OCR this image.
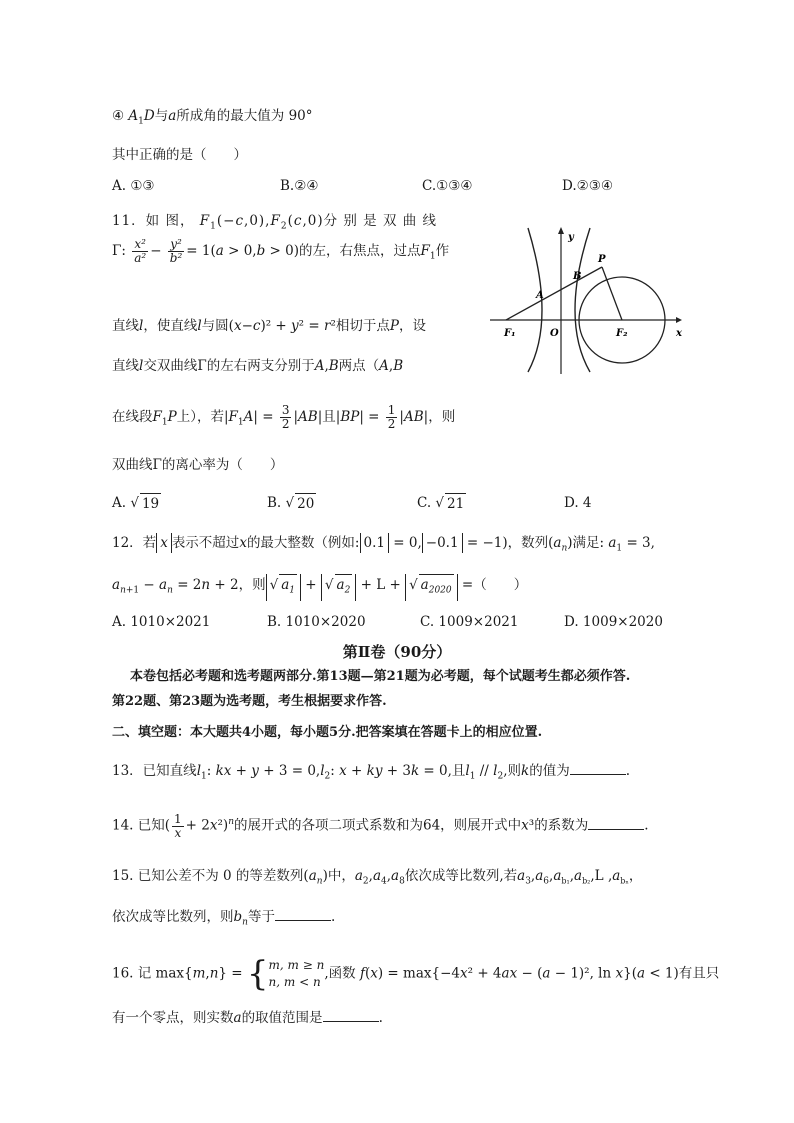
④ $A_1D$与a所成角的最大值为 90°
其中正确的是（　　）
A. ①③	B.②④	C.①③④	D.②③④
11．如 图， $F_1(-c,0),F_2(c,0)$分 别 是 双 曲 线
Γ: $\frac{\text{x²}}{\text{a²}} - \frac{\text{y²}}{\text{b²}} = 1(a > 0,b > 0)$的左，右焦点，过点$F_1$作
直线l，使直线l与圆(x−c)² + y² = r²相切于点P，设
直线l交双曲线Γ的左右两支分别于A,B两点（A,B
在线段$F_1P$上），若$|F_1A| = \frac{3}{2} |AB|$且$|BP| = \frac{1}{2} |AB|$，则
双曲线Γ的离心率为（　　）
A. √ 19	B. √ 20	C. √ 21	D. 4
y
x
P
B
A
F₁	O	F₂
12．若 x 表示不超过x的最大整数（例如: 0.1 = 0, −0.1 = −1)，数列$(a_n)$满足: $a_1 = 3$,
$a_{n+1} - a_n = 2n + 2$，则 √ $a_1$ + √ $a_2 + L$ + √ $a_{2020}$ =（　　）
A. 1010×2021	B. 1010×2020	C. 1009×2021	D. 1009×2020
第Ⅱ卷（90分）
本卷包括必考题和选考题两部分.第13题—第21题为必考题，每个试题考生都必须作答.
第22题、第23题为选考题，考生根据要求作答.
二、填空题：本大题共4小题，每小题5分.把答案填在答题卡上的相应位置.
13．已知直线$l_1$: kx + $y + 3 = 0,l_2$: x + ky + 3k = 0,且$l_1 // l_2$,则k的值为	.
14. 已知( $\frac{1}{x} + 2x^2)^n$的展开式的各项二项式系数和为64，则展开式中x³的系数为	.
15. 已知公差不为 0 的等差数列$(a_n)$中，$a_2,a_4,a_8$依次成等比数列,若$a_3,a_6,a_{b_1},a_{b_2},L$ $,a_{b_n}$，
依次成等比数列，则$b_n$等于	.
16. 记 max{m,n} = { m, m ≥ n
n, m < n
,函数 f(x) = max{−4x² + 4ax − (a − 1)², ln x}(a < 1)有且只
有一个零点，则实数a的取值范围是	.
